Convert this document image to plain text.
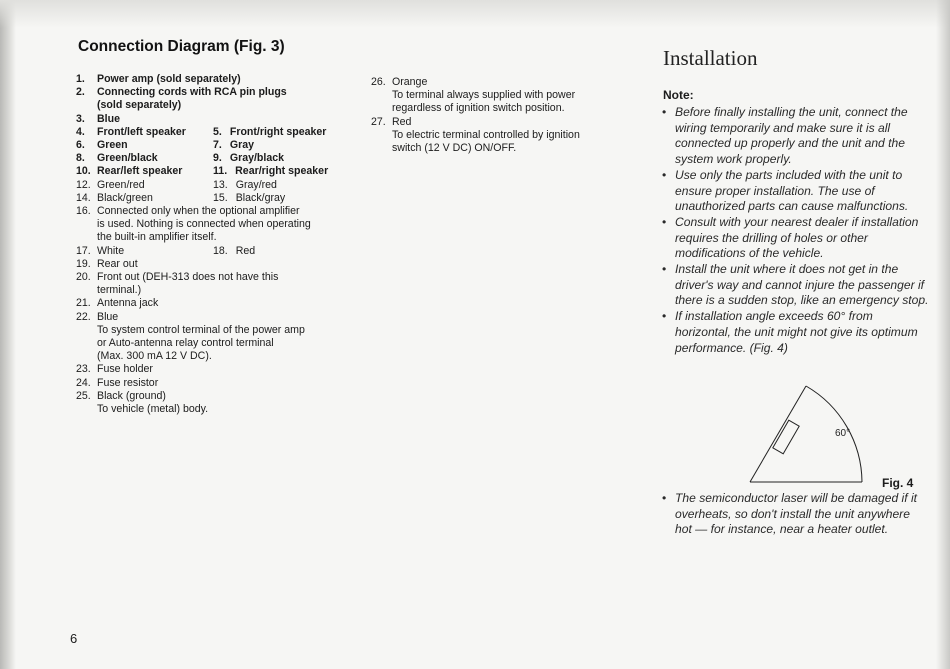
Connection Diagram (Fig. 3)
1. Power amp (sold separately)
2. Connecting cords with RCA pin plugs
(sold separately)
3. Blue
4. Front/left speaker	5. Front/right speaker
6. Green	7. Gray
8. Green/black	9. Gray/black
10. Rear/left speaker	11. Rear/right speaker
12. Green/red	13. Gray/red
14. Black/green	15. Black/gray
16. Connected only when the optional amplifier
is used. Nothing is connected when operating
the built-in amplifier itself.
17. White	18. Red
19. Rear out
20. Front out (DEH-313 does not have this
terminal.)
21. Antenna jack
22. Blue
To system control terminal of the power amp
or Auto-antenna relay control terminal
(Max. 300 mA 12 V DC).
23. Fuse holder
24. Fuse resistor
25. Black (ground)
To vehicle (metal) body.
26. Orange
To terminal always supplied with power
regardless of ignition switch position.
27. Red
To electric terminal controlled by ignition
switch (12 V DC) ON/OFF.
Installation
Note:
• Before finally installing the unit, connect the wiring temporarily and make sure it is all connected up properly and the unit and the system work properly.
• Use only the parts included with the unit to ensure proper installation. The use of unauthorized parts can cause malfunctions.
• Consult with your nearest dealer if installation requires the drilling of holes or other modifications of the vehicle.
• Install the unit where it does not get in the driver's way and cannot injure the passenger if there is a sudden stop, like an emergency stop.
• If installation angle exceeds 60° from horizontal, the unit might not give its optimum performance. (Fig. 4)
60°
Fig. 4
• The semiconductor laser will be damaged if it overheats, so don't install the unit anywhere hot — for instance, near a heater outlet.
6
